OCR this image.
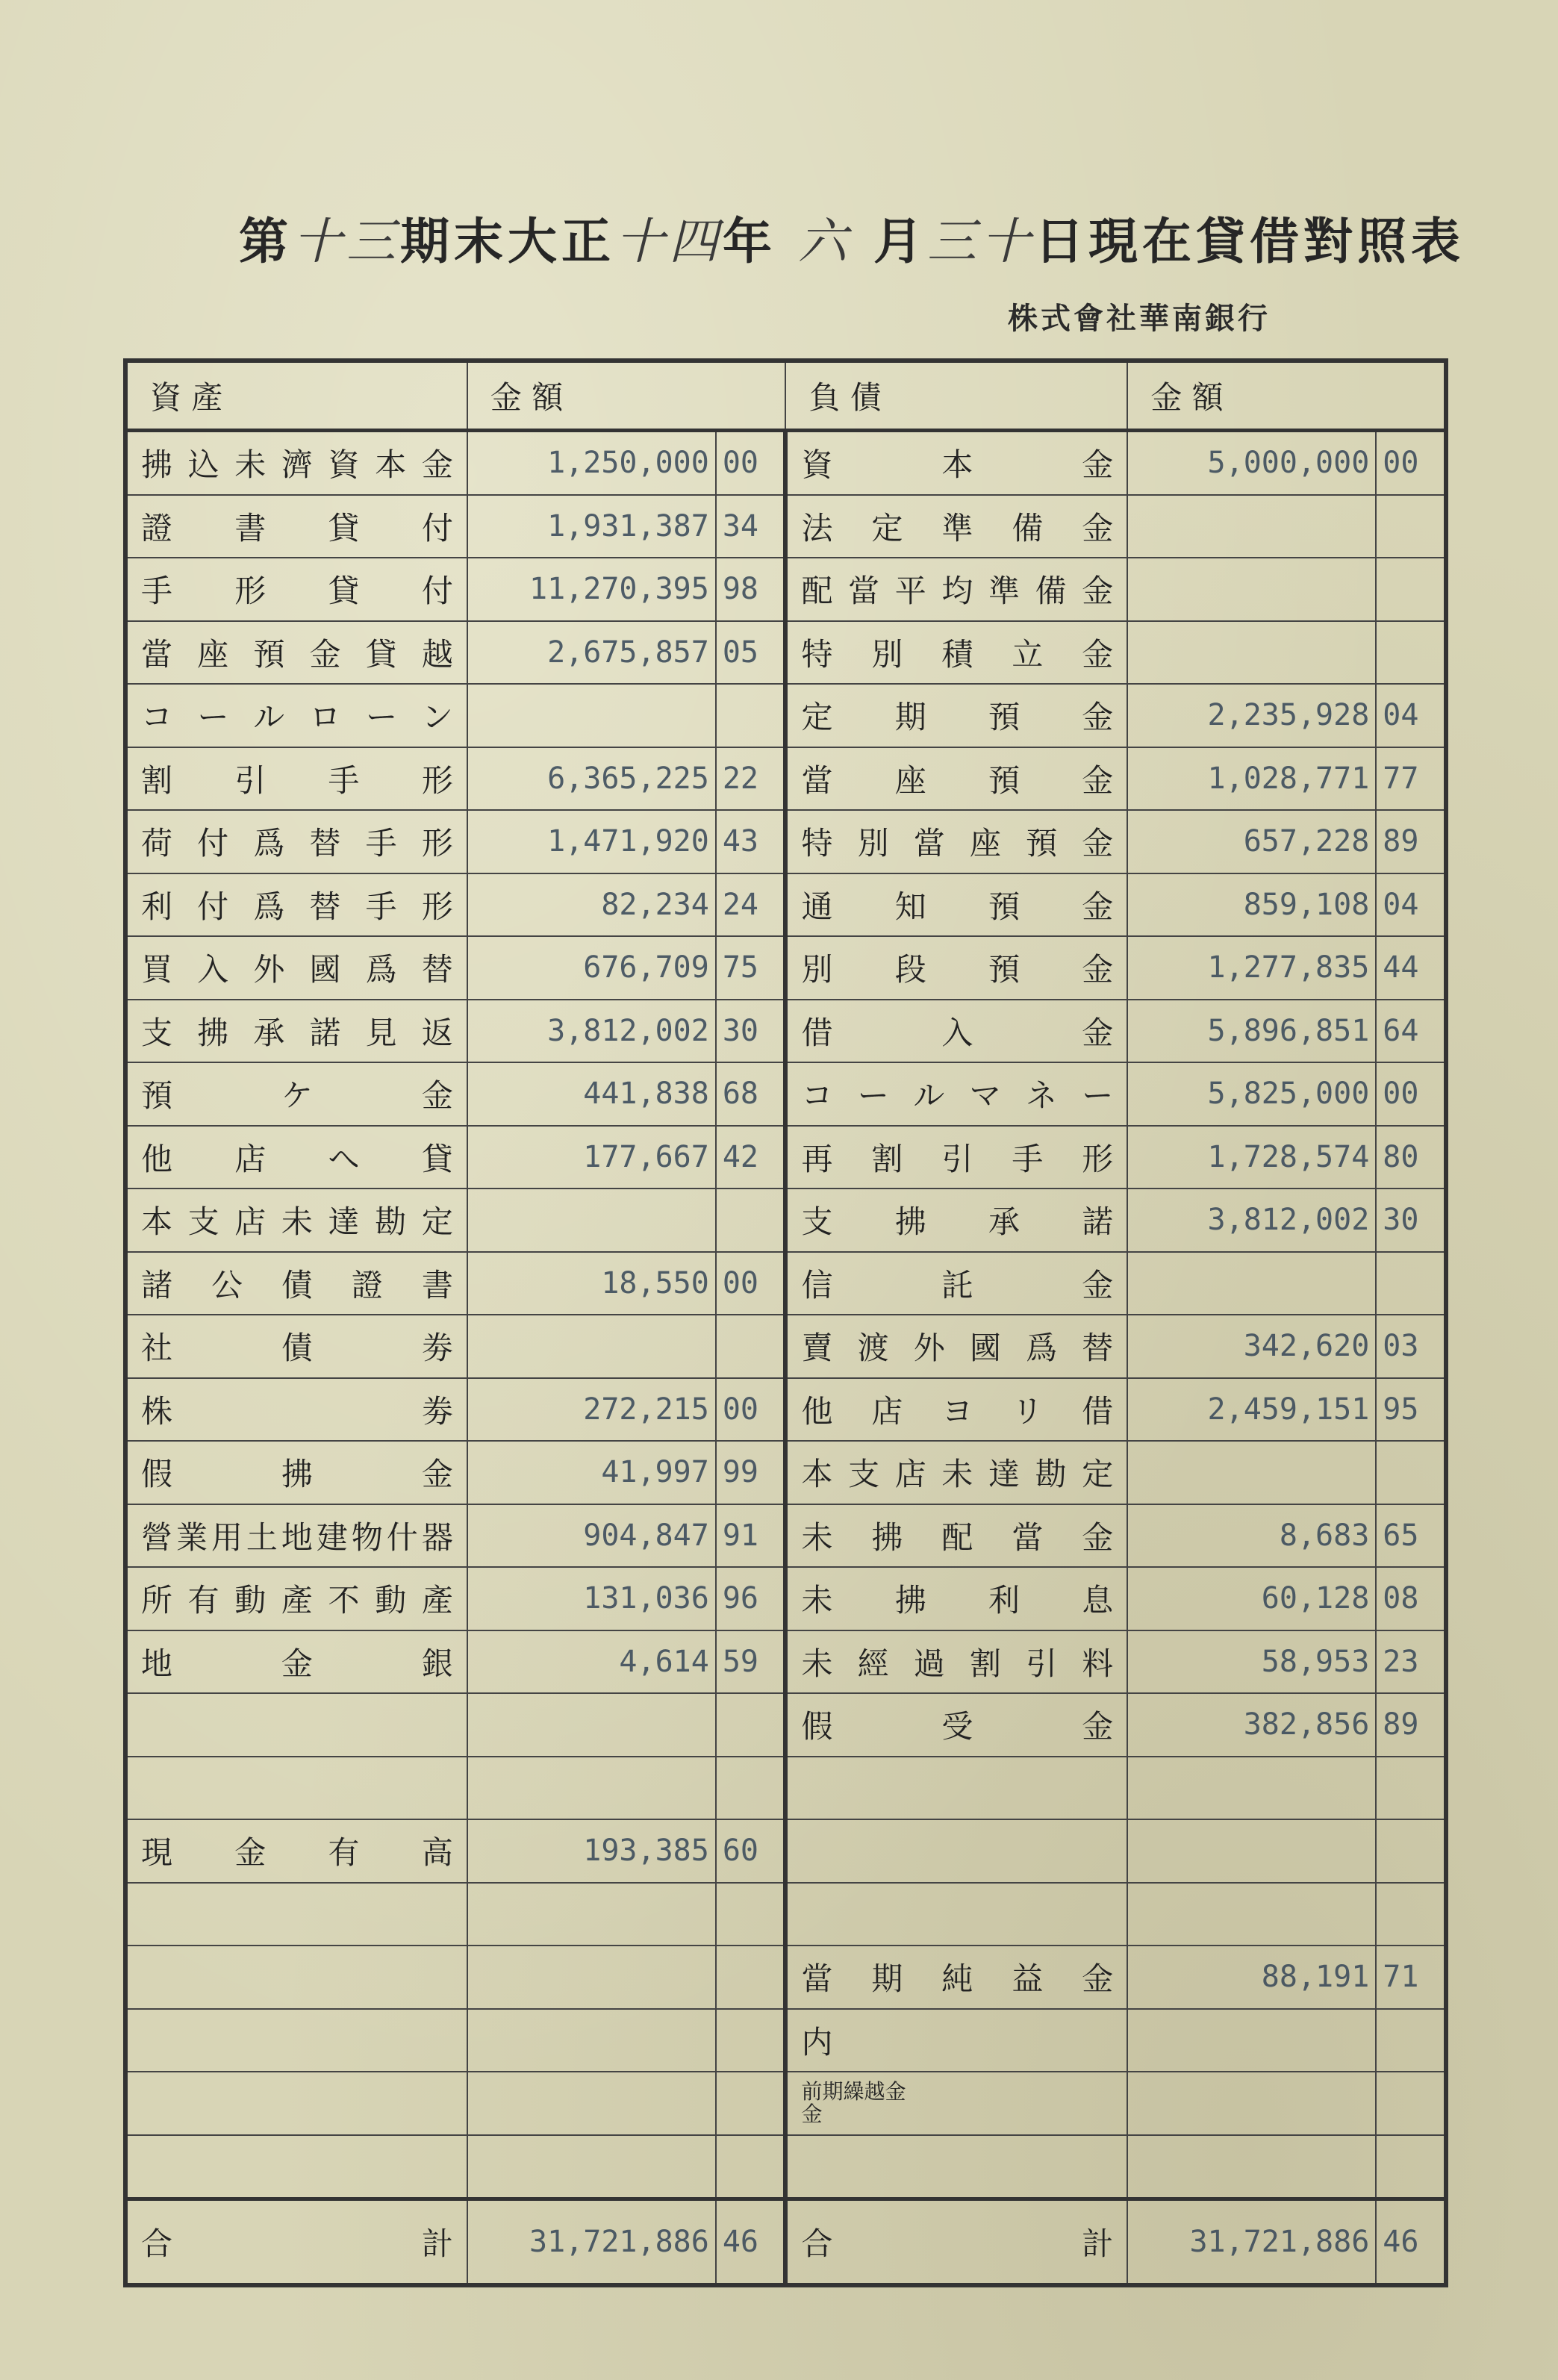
第十三期末大正十四年 六 月三十日現在貸借對照表
株式會社華南銀行
資 產	金 額		負 債	金 額	
拂込未濟資本金	1,250,000	00	資本金	5,000,000	00
證書貸付	1,931,387	34	法定準備金		
手形貸付	11,270,395	98	配當平均準備金		
當座預金貸越	2,675,857	05	特別積立金		
コールローン			定期預金	2,235,928	04
割引手形	6,365,225	22	當座預金	1,028,771	77
荷付爲替手形	1,471,920	43	特別當座預金	657,228	89
利付爲替手形	82,234	24	通知預金	859,108	04
買入外國爲替	676,709	75	別段預金	1,277,835	44
支拂承諾見返	3,812,002	30	借入金	5,896,851	64
預ケ金	441,838	68	コールマネー	5,825,000	00
他店へ貸	177,667	42	再割引手形	1,728,574	80
本支店未達勘定			支拂承諾	3,812,002	30
諸公債證書	18,550	00	信託金		
社債劵			賣渡外國爲替	342,620	03
株劵	272,215	00	他店ヨリ借	2,459,151	95
假拂金	41,997	99	本支店未達勘定		
營業用土地建物什器	904,847	91	未拂配當金	8,683	65
所有動產不動產	131,036	96	未拂利息	60,128	08
地金銀	4,614	59	未經過割引料	58,953	23
			假受金	382,856	89

現金有高	193,385	60			

			當期純益金	88,191	71
			内		

			前期繰越金
金		

合 計	31,721,886	46	合 計	31,721,886	46
